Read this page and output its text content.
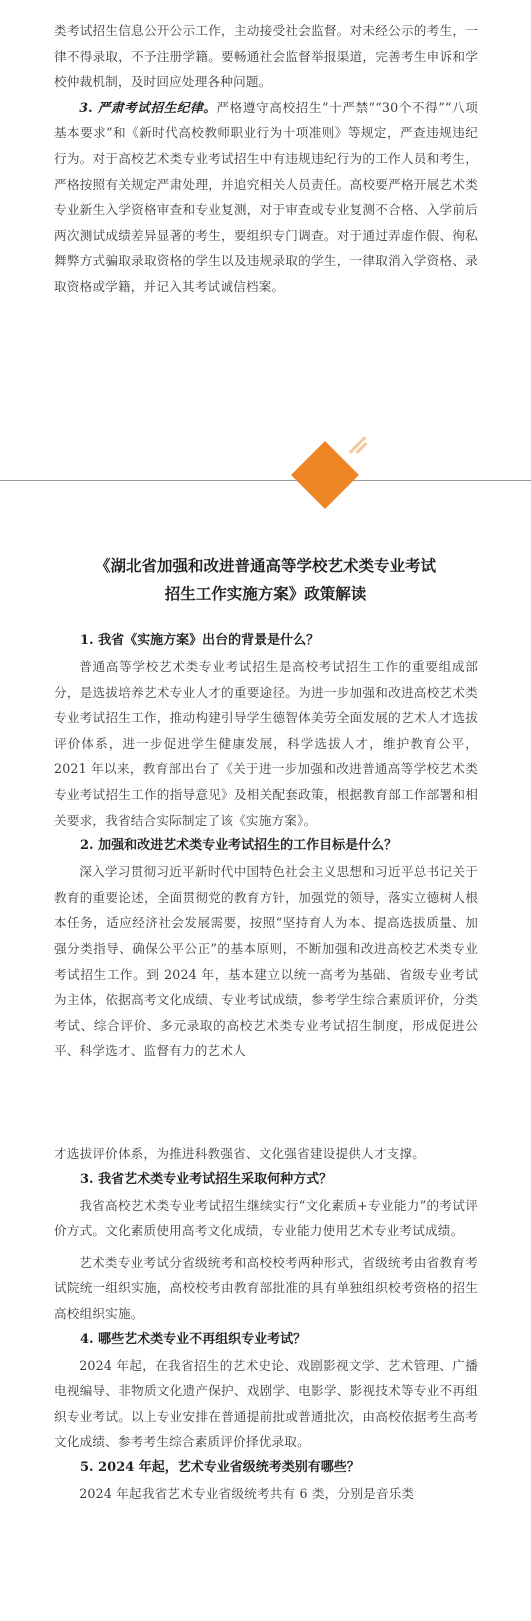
类考试招生信息公开公示工作，主动接受社会监督。对未经公示的考生，一律不得录取，不予注册学籍。要畅通社会监督举报渠道，完善考生申诉和学校仲裁机制，及时回应处理各种问题。

3. 严肃考试招生纪律。严格遵守高校招生“十严禁”“30个不得”“八项基本要求”和《新时代高校教师职业行为十项准则》等规定，严查违规违纪行为。对于高校艺术类专业考试招生中有违规违纪行为的工作人员和考生，严格按照有关规定严肃处理，并追究相关人员责任。高校要严格开展艺术类专业新生入学资格审查和专业复测，对于审查或专业复测不合格、入学前后两次测试成绩差异显著的考生，要组织专门调查。对于通过弄虚作假、徇私舞弊方式骗取录取资格的学生以及违规录取的学生，一律取消入学资格、录取资格或学籍，并记入其考试诚信档案。

《湖北省加强和改进普通高等学校艺术类专业考试
招生工作实施方案》政策解读

1. 我省《实施方案》出台的背景是什么？

普通高等学校艺术类专业考试招生是高校考试招生工作的重要组成部分，是选拔培养艺术专业人才的重要途径。为进一步加强和改进高校艺术类专业考试招生工作，推动构建引导学生德智体美劳全面发展的艺术人才选拔评价体系，进一步促进学生健康发展，科学选拔人才，维护教育公平，2021 年以来，教育部出台了《关于进一步加强和改进普通高等学校艺术类专业考试招生工作的指导意见》及相关配套政策，根据教育部工作部署和相关要求，我省结合实际制定了该《实施方案》。

2. 加强和改进艺术类专业考试招生的工作目标是什么？

深入学习贯彻习近平新时代中国特色社会主义思想和习近平总书记关于教育的重要论述，全面贯彻党的教育方针，加强党的领导，落实立德树人根本任务，适应经济社会发展需要，按照“坚持育人为本、提高选拔质量、加强分类指导、确保公平公正”的基本原则，不断加强和改进高校艺术类专业考试招生工作。到 2024 年，基本建立以统一高考为基础、省级专业考试为主体，依据高考文化成绩、专业考试成绩，参考学生综合素质评价，分类考试、综合评价、多元录取的高校艺术类专业考试招生制度，形成促进公平、科学选才、监督有力的艺术人

才选拔评价体系，为推进科教强省、文化强省建设提供人才支撑。

3. 我省艺术类专业考试招生采取何种方式？

我省高校艺术类专业考试招生继续实行“文化素质+专业能力”的考试评价方式。文化素质使用高考文化成绩，专业能力使用艺术专业考试成绩。

艺术类专业考试分省级统考和高校校考两种形式，省级统考由省教育考试院统一组织实施，高校校考由教育部批准的具有单独组织校考资格的招生高校组织实施。

4. 哪些艺术类专业不再组织专业考试？

2024 年起，在我省招生的艺术史论、戏剧影视文学、艺术管理、广播电视编导、非物质文化遗产保护、戏剧学、电影学、影视技术等专业不再组织专业考试。以上专业安排在普通提前批或普通批次，由高校依据考生高考文化成绩、参考考生综合素质评价择优录取。

5. 2024 年起，艺术专业省级统考类别有哪些？

2024 年起我省艺术专业省级统考共有 6 类，分别是音乐类
